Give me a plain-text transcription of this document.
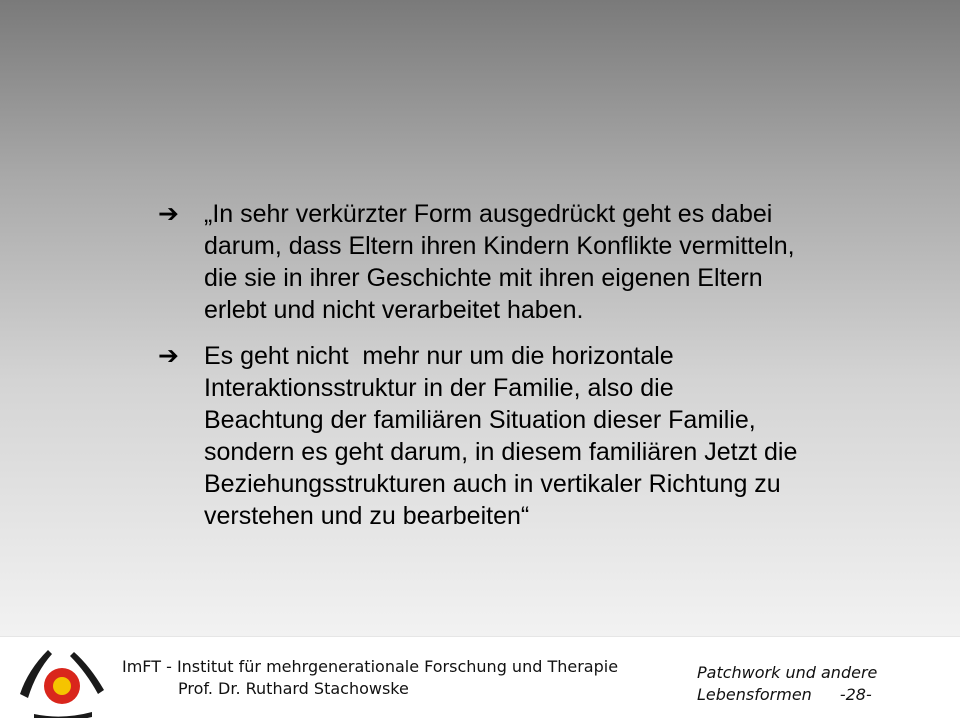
➔ „In sehr verkürzter Form ausgedrückt geht es dabei
darum, dass Eltern ihren Kindern Konflikte vermitteln,
die sie in ihrer Geschichte mit ihren eigenen Eltern
erlebt und nicht verarbeitet haben.
➔ Es geht nicht  mehr nur um die horizontale
Interaktionsstruktur in der Familie, also die
Beachtung der familiären Situation dieser Familie,
sondern es geht darum, in diesem familiären Jetzt die
Beziehungsstrukturen auch in vertikaler Richtung zu
verstehen und zu bearbeiten“
ImFT - Institut für mehrgenerationale Forschung und Therapie
Prof. Dr. Ruthard Stachowske
Patchwork und andere
Lebensformen -28-
